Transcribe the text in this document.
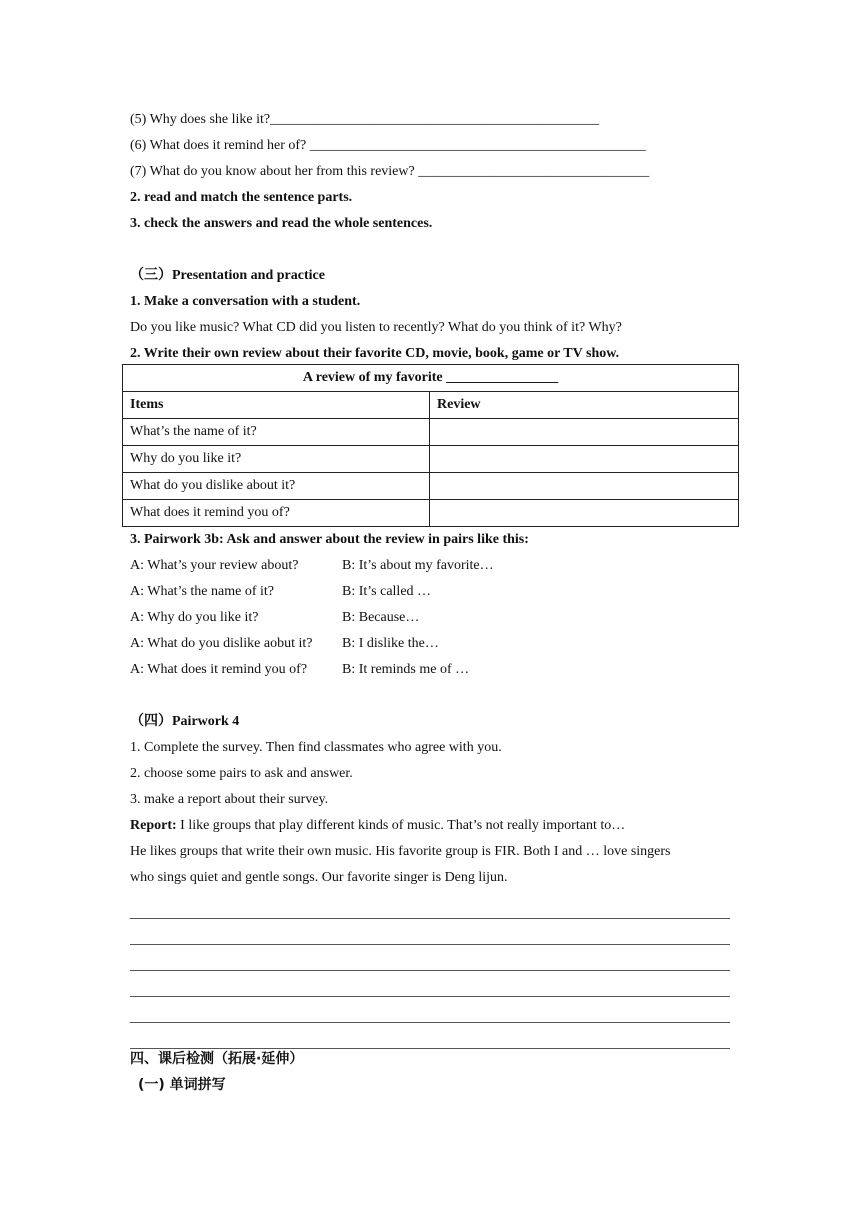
(5) Why does she like it?_______________________________________________
(6) What does it remind her of? ________________________________________________
(7) What do you know about her from this review? _________________________________
2. read and match the sentence parts.
3. check the answers and read the whole sentences.
（三）Presentation and practice
1. Make a conversation with a student.
Do you like music? What CD did you listen to recently? What do you think of it? Why?
2. Write their own review about their favorite CD, movie, book, game or TV show.
A review of my favorite ________________	
Items	Review
What’s the name of it?	
Why do you like it?	
What do you dislike about it?	
What does it remind you of?	
3. Pairwork 3b: Ask and answer about the review in pairs like this:
A: What’s your review about?	B: It’s about my favorite…
A: What’s the name of it?	B: It’s called …
A: Why do you like it?	B: Because…
A: What do you dislike aobut it?	B: I dislike the…
A: What does it remind you of?	B: It reminds me of …
（四）Pairwork 4
1. Complete the survey. Then find classmates who agree with you.
2. choose some pairs to ask and answer.
3. make a report about their survey.
Report: I like groups that play different kinds of music. That’s not really important to…
He likes groups that write their own music. His favorite group is FIR. Both I and … love singers
who sings quiet and gentle songs. Our favorite singer is Deng lijun.
四、课后检测（拓展·延伸）
(一) 单词拼写
